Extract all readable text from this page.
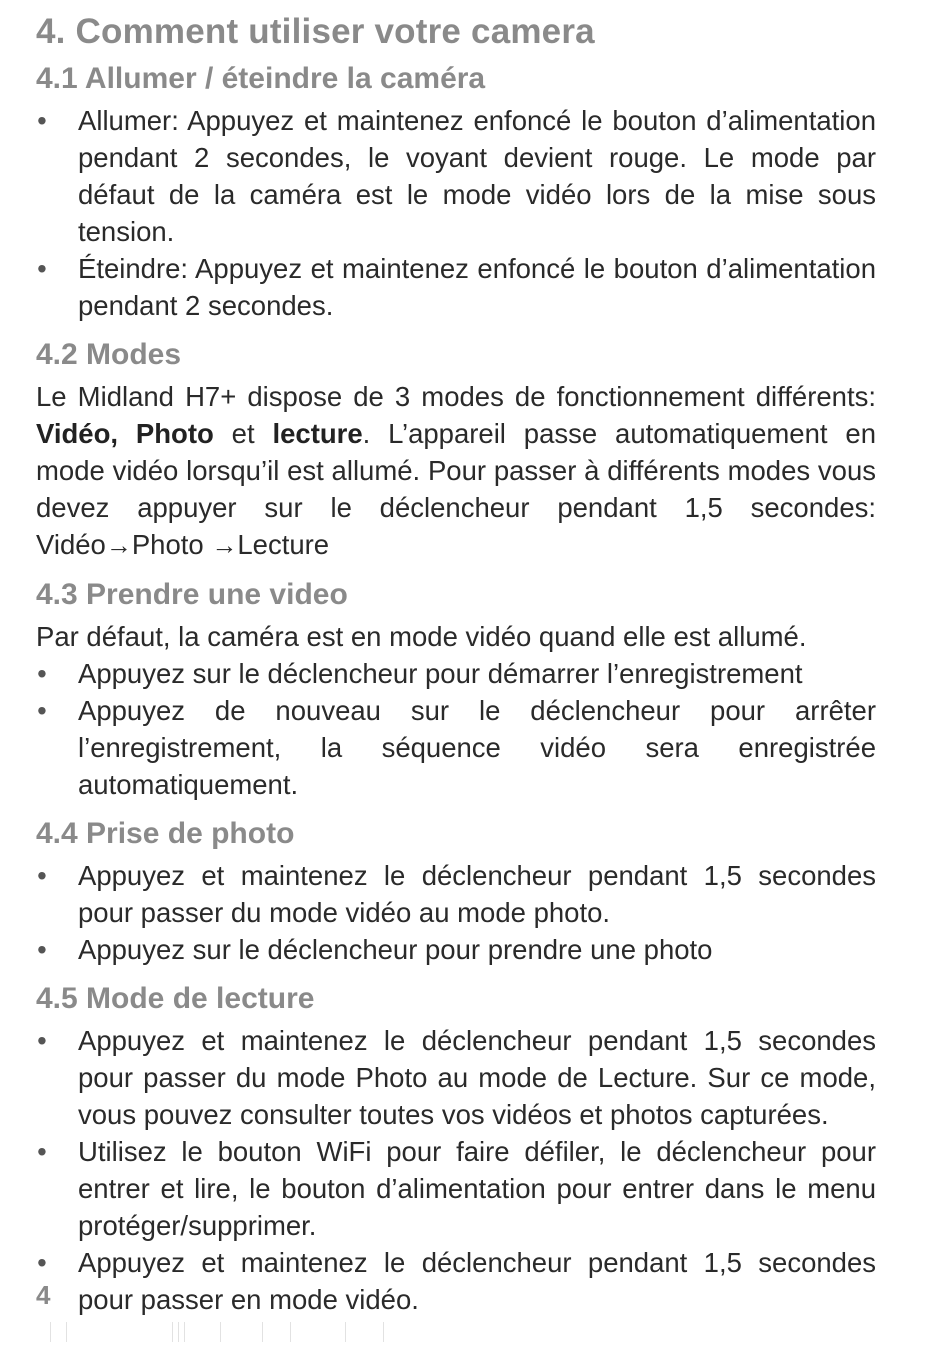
4. Comment utiliser votre camera
4.1 Allumer / éteindre la caméra
• Allumer: Appuyez et maintenez enfoncé le bouton d’alimentation pendant 2 secondes, le voyant devient rouge. Le mode par défaut de la caméra est le mode vidéo lors de la mise sous tension.
• Éteindre: Appuyez et maintenez enfoncé le bouton d’alimentation pendant 2 secondes.
4.2 Modes

Le Midland H7+ dispose de 3 modes de fonctionnement différents: Vidéo, Photo et lecture. L’appareil passe automatiquement en mode vidéo lorsqu’il est allumé. Pour passer à différents modes vous devez appuyer sur le déclencheur pendant 1,5 secondes: Vidéo→Photo →Lecture

4.3 Prendre une video

Par défaut, la caméra est en mode vidéo quand elle est allumé.

• Appuyez sur le déclencheur pour démarrer l’enregistrement
• Appuyez de nouveau sur le déclencheur pour arrêter l’enregistrement, la séquence vidéo sera enregistrée automatiquement.
4.4 Prise de photo
• Appuyez et maintenez le déclencheur pendant 1,5 secondes pour passer du mode vidéo au mode photo.
• Appuyez sur le déclencheur pour prendre une photo
4.5 Mode de lecture
• Appuyez et maintenez le déclencheur pendant 1,5 secondes pour passer du mode Photo au mode de Lecture. Sur ce mode, vous pouvez consulter toutes vos vidéos et photos capturées.
• Utilisez le bouton WiFi pour faire défiler, le déclencheur pour entrer et lire, le bouton d’alimentation pour entrer dans le menu protéger/supprimer.
• Appuyez et maintenez le déclencheur pendant 1,5 secondes pour passer en mode vidéo.
4
